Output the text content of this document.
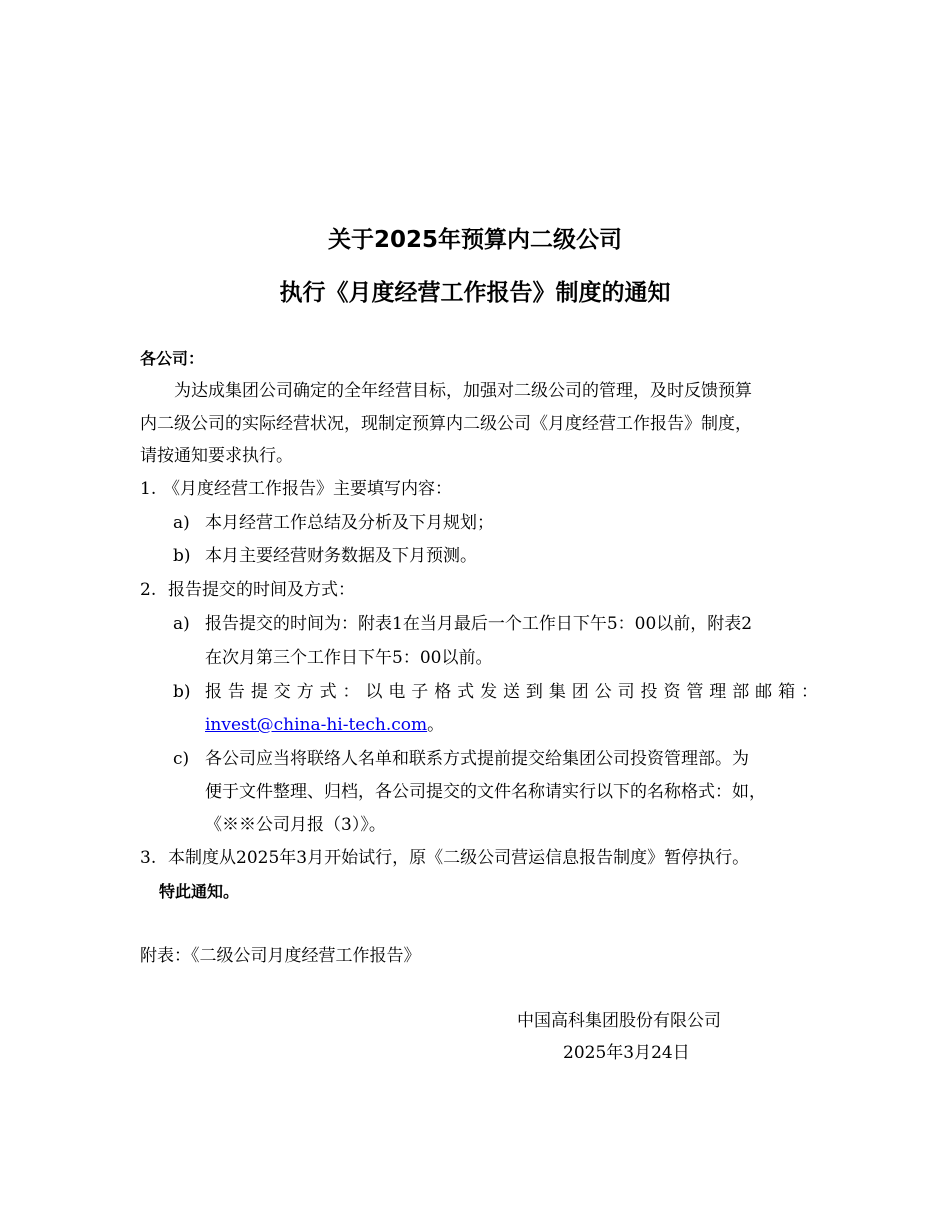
关于2025年预算内二级公司
执行《月度经营工作报告》制度的通知
各公司：
为达成集团公司确定的全年经营目标，加强对二级公司的管理，及时反馈预算
内二级公司的实际经营状况，现制定预算内二级公司《月度经营工作报告》制度，
请按通知要求执行。
1. 《月度经营工作报告》主要填写内容：
a) 本月经营工作总结及分析及下月规划；
b) 本月主要经营财务数据及下月预测。
2. 报告提交的时间及方式：
a) 报告提交的时间为：附表1在当月最后一个工作日下午5：00以前，附表2
在次月第三个工作日下午5：00以前。
b) 报告提交方式：以电子格式发送到集团公司投资管理部邮箱：
invest@china-hi-tech.com。
c) 各公司应当将联络人名单和联系方式提前提交给集团公司投资管理部。为
便于文件整理、归档，各公司提交的文件名称请实行以下的名称格式：如，
《※※公司月报（3）》。
3. 本制度从2025年3月开始试行，原《二级公司营运信息报告制度》暂停执行。
特此通知。
附表：《二级公司月度经营工作报告》
中国高科集团股份有限公司
2025年3月24日
